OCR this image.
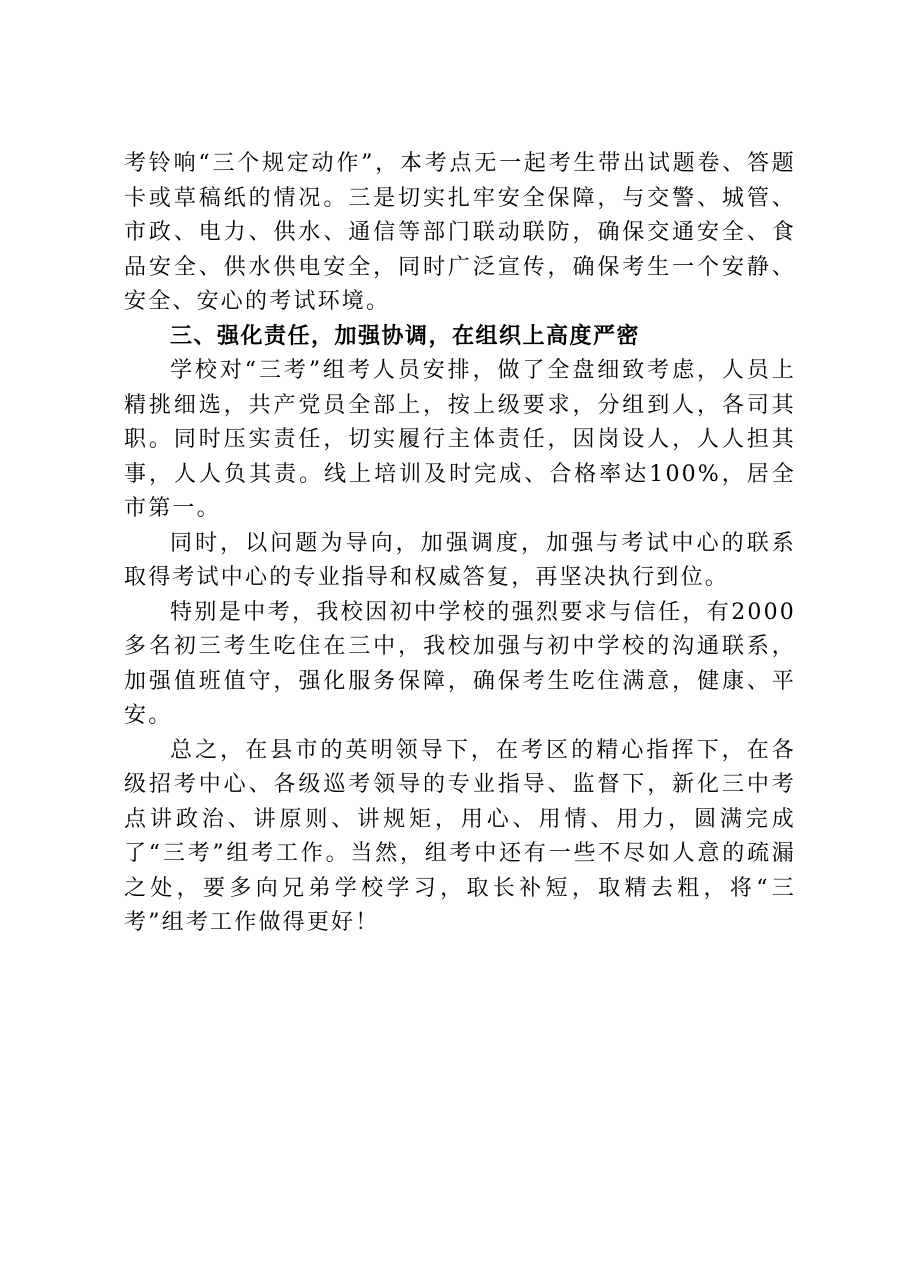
考铃响“三个规定动作”，本考点无一起考生带出试题卷、答题卡或草稿纸的情况。三是切实扎牢安全保障，与交警、城管、市政、电力、供水、通信等部门联动联防，确保交通安全、食品安全、供水供电安全，同时广泛宣传，确保考生一个安静、安全、安心的考试环境。

三、强化责任，加强协调，在组织上高度严密

学校对“三考”组考人员安排，做了全盘细致考虑，人员上精挑细选，共产党员全部上，按上级要求，分组到人，各司其职。同时压实责任，切实履行主体责任，因岗设人，人人担其事，人人负其责。线上培训及时完成、合格率达100%，居全市第一。

同时，以问题为导向，加强调度，加强与考试中心的联系取得考试中心的专业指导和权威答复，再坚决执行到位。

特别是中考，我校因初中学校的强烈要求与信任，有2000多名初三考生吃住在三中，我校加强与初中学校的沟通联系，加强值班值守，强化服务保障，确保考生吃住满意，健康、平安。

总之，在县市的英明领导下，在考区的精心指挥下，在各级招考中心、各级巡考领导的专业指导、监督下，新化三中考点讲政治、讲原则、讲规矩，用心、用情、用力，圆满完成了“三考”组考工作。当然，组考中还有一些不尽如人意的疏漏之处，要多向兄弟学校学习，取长补短，取精去粗，将“三考”组考工作做得更好！
